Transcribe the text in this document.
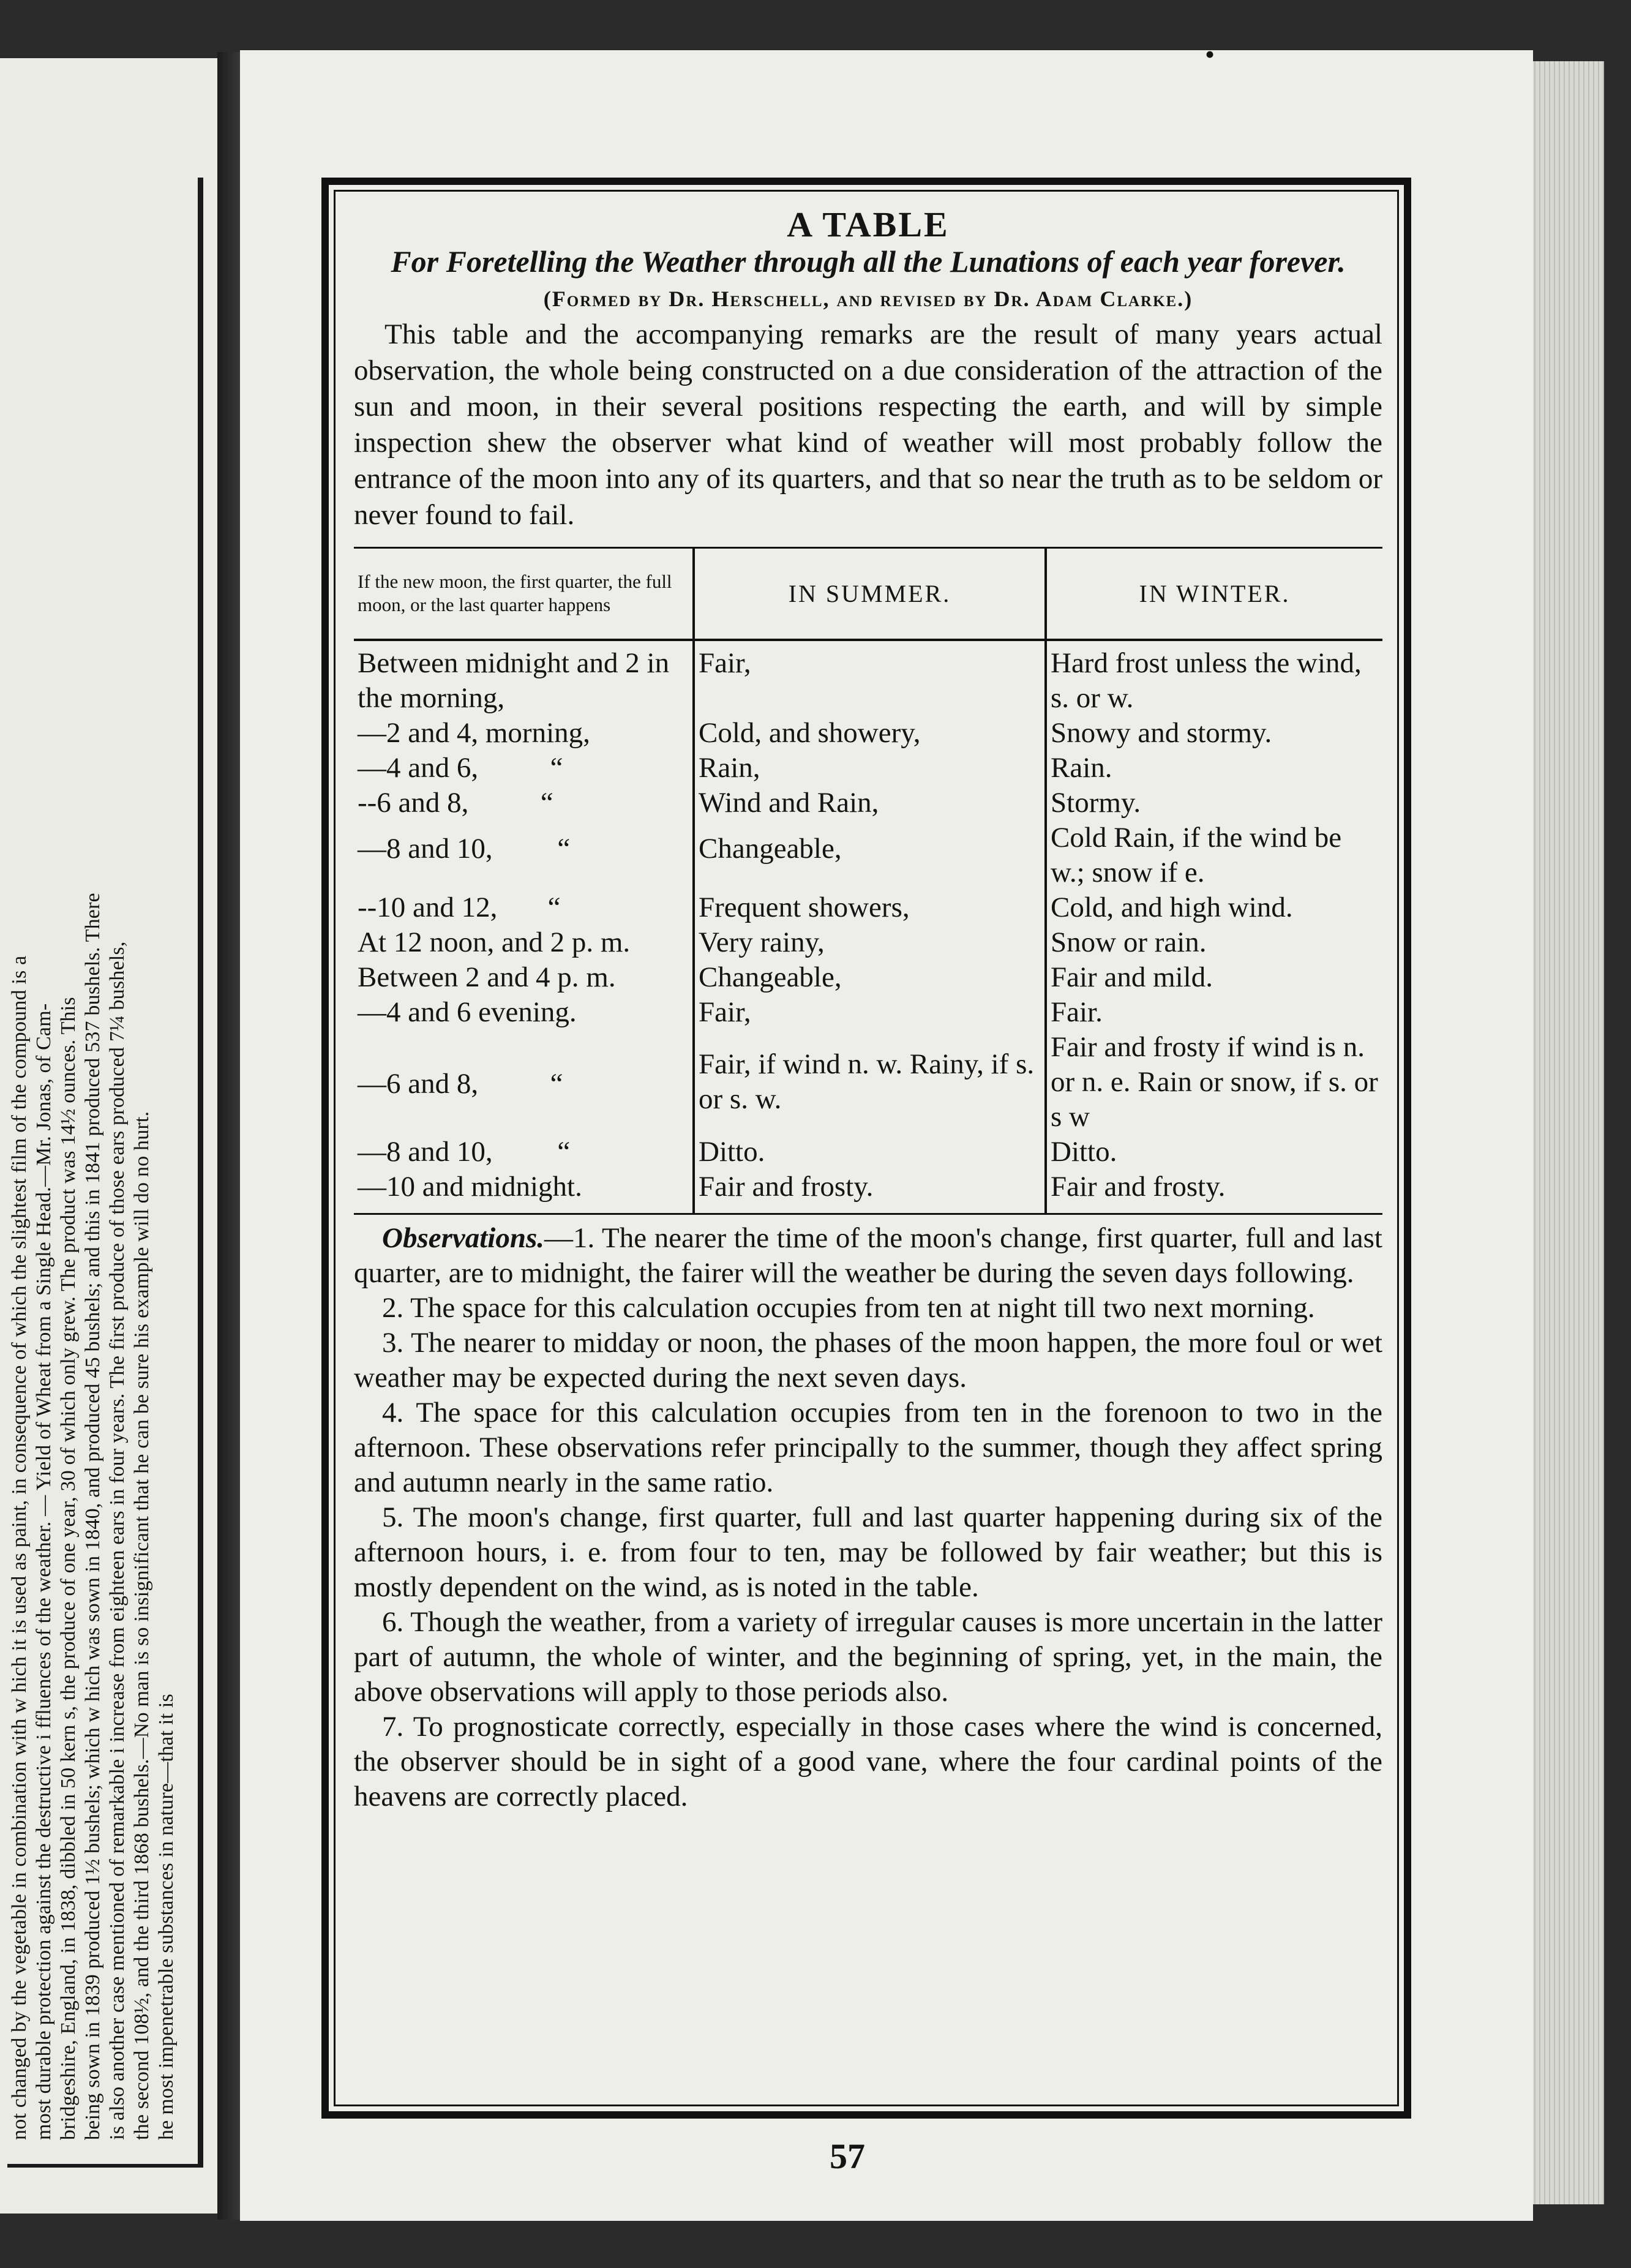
not changed by the vegetable in combination with w hich it is used as paint, in consequence of which the slightest film of the compound is a
most durable protection against the destructive i ffluences of the weather. — Yield of Wheat from a Single Head.—Mr. Jonas, of Cam-
bridgeshire, England, in 1838, dibbled in 50 kern s, the produce of one year, 30 of which only grew. The product was 14½ ounces. This
being sown in 1839 produced 1½ bushels; which w hich was sown in 1840, and produced 45 bushels; and this in 1841 produced 537 bushels. There
is also another case mentioned of remarkable i increase from eighteen ears in four years. The first produce of those ears produced 7¼ bushels,
the second 108½, and the third 1868 bushels.—No man is so insignificant that he can be sure his example will do no hurt.
he most impenetrable substances in nature—that it is
•
A TABLE
For Foretelling the Weather through all the Lunations of each year forever.
(Formed by Dr. Herschell, and revised by Dr. Adam Clarke.)

This table and the accompanying remarks are the result of many years actual observation, the whole being constructed on a due consideration of the attraction of the sun and moon, in their several positions respecting the earth, and will by simple inspection shew the observer what kind of weather will most probably follow the entrance of the moon into any of its quarters, and that so near the truth as to be seldom or never found to fail.

If the new moon, the first quarter, the full moon, or the last quarter happens	IN SUMMER.	IN WINTER.
Between midnight and 2 in the morning,	Fair,	Hard frost unless the wind, s. or w.
—2 and 4, morning,	Cold, and showery,	Snowy and stormy.
—4 and 6,          “	Rain,	Rain.
--6 and 8,          “	Wind and Rain,	Stormy.
—8 and 10,         “	Changeable,	Cold Rain, if the wind be w.; snow if e.
--10 and 12,       “	Frequent showers,	Cold, and high wind.
At 12 noon, and 2 p. m.	Very rainy,	Snow or rain.
Between 2 and 4 p. m.	Changeable,	Fair and mild.
—4 and 6 evening.	Fair,	Fair.
—6 and 8,          “	Fair, if wind n. w. Rainy, if s. or s. w.	Fair and frosty if wind is n. or n. e. Rain or snow, if s. or s w
—8 and 10,         “	Ditto.	Ditto.
—10 and midnight.	Fair and frosty.	Fair and frosty.

Observations.—1. The nearer the time of the moon's change, first quarter, full and last quarter, are to midnight, the fairer will the weather be during the seven days following.

2. The space for this calculation occupies from ten at night till two next morning.

3. The nearer to midday or noon, the phases of the moon happen, the more foul or wet weather may be expected during the next seven days.

4. The space for this calculation occupies from ten in the forenoon to two in the afternoon. These observations refer principally to the summer, though they affect spring and autumn nearly in the same ratio.

5. The moon's change, first quarter, full and last quarter happening during six of the afternoon hours, i. e. from four to ten, may be followed by fair weather; but this is mostly dependent on the wind, as is noted in the table.

6. Though the weather, from a variety of irregular causes is more uncertain in the latter part of autumn, the whole of winter, and the beginning of spring, yet, in the main, the above observations will apply to those periods also.

7. To prognosticate correctly, especially in those cases where the wind is concerned, the observer should be in sight of a good vane, where the four cardinal points of the heavens are correctly placed.

57
